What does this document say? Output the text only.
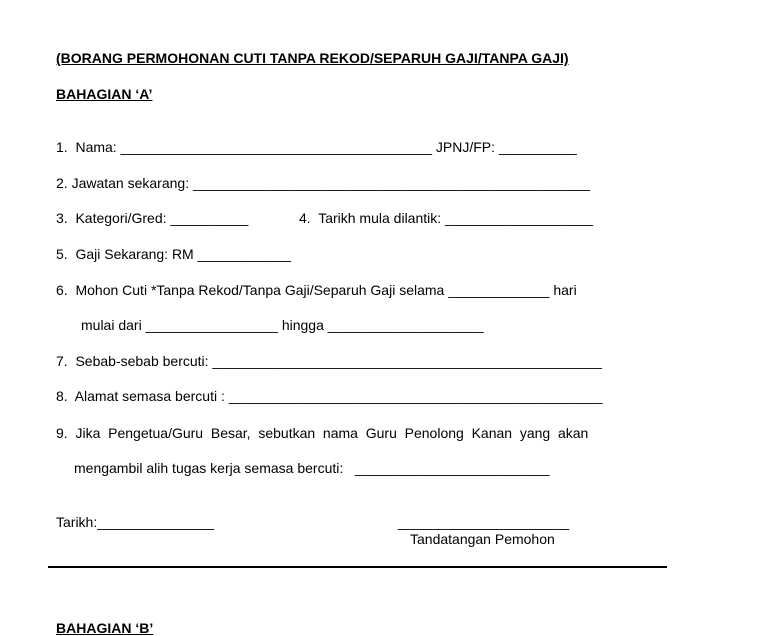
(BORANG PERMOHONAN CUTI TANPA REKOD/SEPARUH GAJI/TANPA GAJI)
BAHAGIAN ‘A’
1.  Nama: ________________________________________ JPNJ/FP: __________
2. Jawatan sekarang: ___________________________________________________
3.  Kategori/Gred: __________	4.  Tarikh mula dilantik: ___________________
5.  Gaji Sekarang: RM ____________
6.  Mohon Cuti *Tanpa Rekod/Tanpa Gaji/Separuh Gaji selama _____________ hari
mulai dari _________________ hingga ____________________
7.  Sebab-sebab bercuti: __________________________________________________
8.  Alamat semasa bercuti : ________________________________________________
9.  Jika  Pengetua/Guru  Besar,  sebutkan  nama  Guru  Penolong  Kanan  yang  akan
mengambil alih tugas kerja semasa bercuti:   _________________________
Tarikh:_______________	______________________
Tandatangan Pemohon
BAHAGIAN ‘B’
